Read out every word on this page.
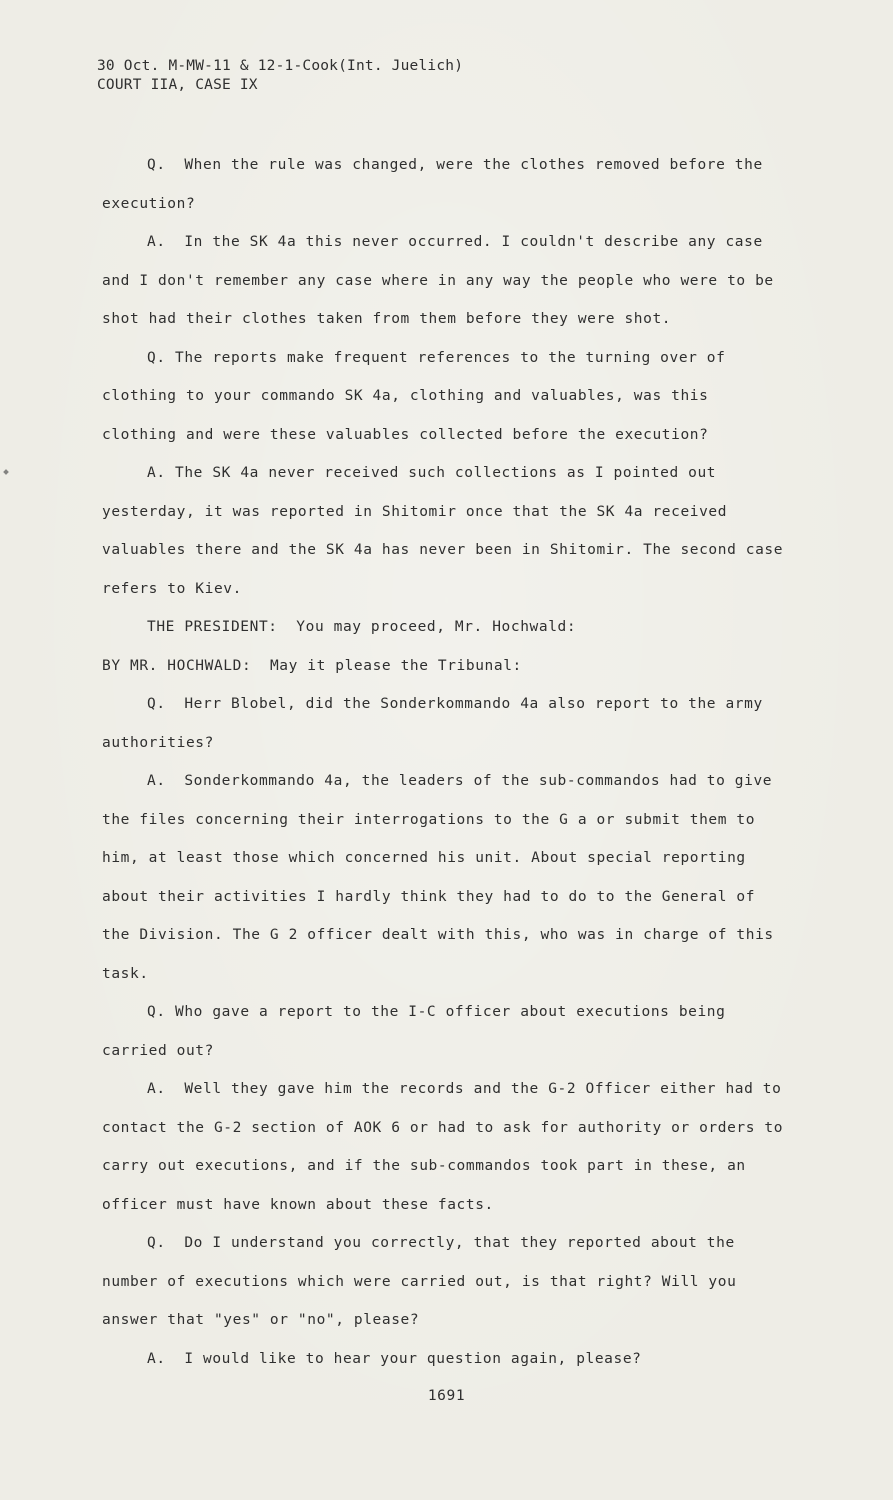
30 Oct. M-MW-11 & 12-1-Cook(Int. Juelich)
COURT IIA, CASE IX

Q. When the rule was changed, were the clothes removed before the execution?

A. In the SK 4a this never occurred. I couldn't describe any case and I don't remember any case where in any way the people who were to be shot had their clothes taken from them before they were shot.

Q. The reports make frequent references to the turning over of clothing to your commando SK 4a, clothing and valuables, was this clothing and were these valuables collected before the execution?

A. The SK 4a never received such collections as I pointed out yesterday, it was reported in Shitomir once that the SK 4a received valuables there and the SK 4a has never been in Shitomir. The second case refers to Kiev.

THE PRESIDENT: You may proceed, Mr. Hochwald:

BY MR. HOCHWALD: May it please the Tribunal:

Q. Herr Blobel, did the Sonderkommando 4a also report to the army authorities?

A. Sonderkommando 4a, the leaders of the sub-commandos had to give the files concerning their interrogations to the G a or submit them to him, at least those which concerned his unit. About special reporting about their activities I hardly think they had to do to the General of the Division. The G 2 officer dealt with this, who was in charge of this task.

Q. Who gave a report to the I-C officer about executions being carried out?

A. Well they gave him the records and the G-2 Officer either had to contact the G-2 section of AOK 6 or had to ask for authority or orders to carry out executions, and if the sub-commandos took part in these, an officer must have known about these facts.

Q. Do I understand you correctly, that they reported about the number of executions which were carried out, is that right? Will you answer that "yes" or "no", please?

A. I would like to hear your question again, please?

1691
